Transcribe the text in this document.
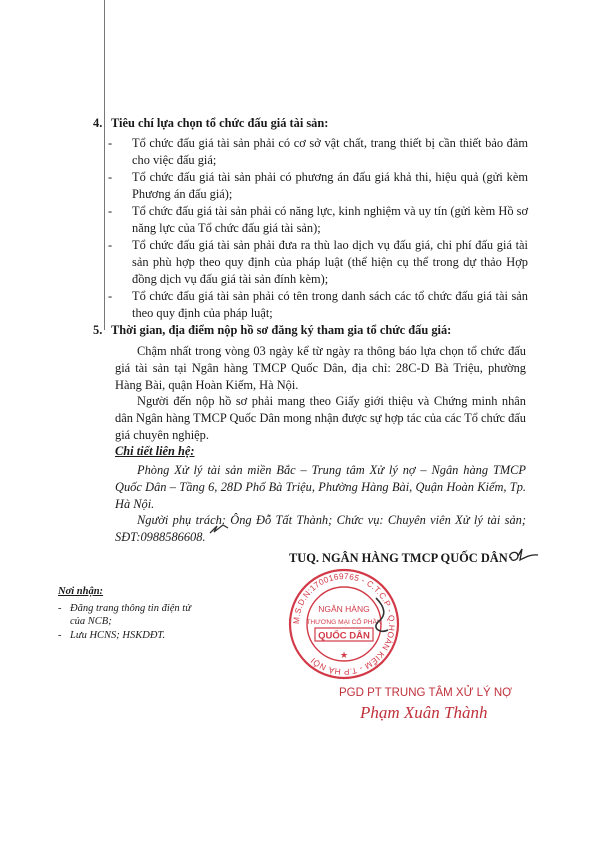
4. Tiêu chí lựa chọn tổ chức đấu giá tài sản:
- Tổ chức đấu giá tài sản phải có cơ sở vật chất, trang thiết bị cần thiết bảo đảm cho việc đấu giá;
- Tổ chức đấu giá tài sản phải có phương án đấu giá khả thi, hiệu quả (gửi kèm Phương án đấu giá);
- Tổ chức đấu giá tài sản phải có năng lực, kinh nghiệm và uy tín (gửi kèm Hồ sơ năng lực của Tổ chức đấu giá tài sản);
- Tổ chức đấu giá tài sản phải đưa ra thù lao dịch vụ đấu giá, chi phí đấu giá tài sản phù hợp theo quy định của pháp luật (thể hiện cụ thể trong dự thảo Hợp đồng dịch vụ đấu giá tài sản đính kèm);
- Tổ chức đấu giá tài sản phải có tên trong danh sách các tổ chức đấu giá tài sản theo quy định của pháp luật;
5. Thời gian, địa điểm nộp hồ sơ đăng ký tham gia tổ chức đấu giá:
Chậm nhất trong vòng 03 ngày kể từ ngày ra thông báo lựa chọn tổ chức đấu giá tài sản tại Ngân hàng TMCP Quốc Dân, địa chỉ: 28C-D Bà Triệu, phường Hàng Bài, quận Hoàn Kiếm, Hà Nội.
Người đến nộp hồ sơ phải mang theo Giấy giới thiệu và Chứng minh nhân dân Ngân hàng TMCP Quốc Dân mong nhận được sự hợp tác của các Tổ chức đấu giá chuyên nghiệp.
Chi tiết liên hệ:
Phòng Xử lý tài sản miền Bắc – Trung tâm Xử lý nợ – Ngân hàng TMCP Quốc Dân – Tầng 6, 28D Phố Bà Triệu, Phường Hàng Bài, Quận Hoàn Kiếm, Tp. Hà Nội.
Người phụ trách: Ông Đỗ Tất Thành; Chức vụ: Chuyên viên Xử lý tài sản; SĐT:0988586608.
TUQ. NGÂN HÀNG TMCP QUỐC DÂN
M.S.D.N:1700169765 - C.T.C.P - Q.HOÀN KIẾM - T.P HÀ NỘI
NGÂN HÀNG
THƯƠNG MẠI CỔ PHẦN
QUỐC DÂN
★
PGD PT TRUNG TÂM XỬ LÝ NỢ
Phạm Xuân Thành
Nơi nhận:
- Đăng trang thông tin điện tử của NCB;
- Lưu HCNS; HSKDĐT.
